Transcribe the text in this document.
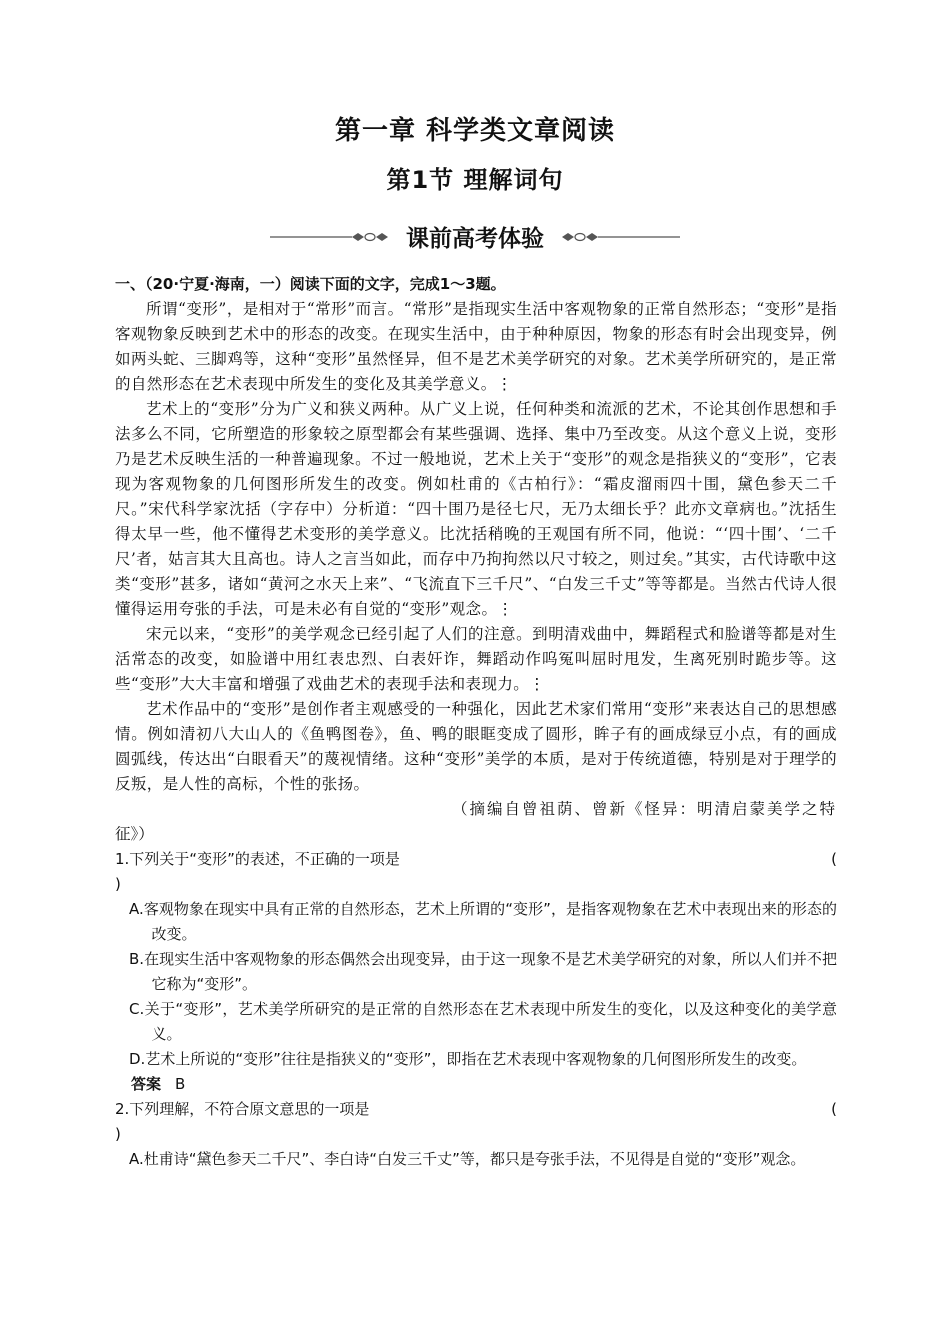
第一章 科学类文章阅读
第1节 理解词句
课前高考体验

一、（20·宁夏·海南，一）阅读下面的文字，完成1～3题。

所谓“变形”，是相对于“常形”而言。“常形”是指现实生活中客观物象的正常自然形态；“变形”是指客观物象反映到艺术中的形态的改变。在现实生活中，由于种种原因，物象的形态有时会出现变异，例如两头蛇、三脚鸡等，这种“变形”虽然怪异，但不是艺术美学研究的对象。艺术美学所研究的，是正常的自然形态在艺术表现中所发生的变化及其美学意义。⋮

艺术上的“变形”分为广义和狭义两种。从广义上说，任何种类和流派的艺术，不论其创作思想和手法多么不同，它所塑造的形象较之原型都会有某些强调、选择、集中乃至改变。从这个意义上说，变形乃是艺术反映生活的一种普遍现象。不过一般地说，艺术上关于“变形”的观念是指狭义的“变形”，它表现为客观物象的几何图形所发生的改变。例如杜甫的《古柏行》：“霜皮溜雨四十围，黛色参天二千尺。”宋代科学家沈括（字存中）分析道：“四十围乃是径七尺，无乃太细长乎？此亦文章病也。”沈括生得太早一些，他不懂得艺术变形的美学意义。比沈括稍晚的王观国有所不同，他说：“‘四十围’、‘二千尺’者，姑言其大且高也。诗人之言当如此，而存中乃拘拘然以尺寸较之，则过矣。”其实，古代诗歌中这类“变形”甚多，诸如“黄河之水天上来”、“飞流直下三千尺”、“白发三千丈”等等都是。当然古代诗人很懂得运用夸张的手法，可是未必有自觉的“变形”观念。⋮

宋元以来，“变形”的美学观念已经引起了人们的注意。到明清戏曲中，舞蹈程式和脸谱等都是对生活常态的改变，如脸谱中用红表忠烈、白表奸诈，舞蹈动作呜冤叫屈时甩发，生离死别时跪步等。这些“变形”大大丰富和增强了戏曲艺术的表现手法和表现力。⋮

艺术作品中的“变形”是创作者主观感受的一种强化，因此艺术家们常用“变形”来表达自己的思想感情。例如清初八大山人的《鱼鸭图卷》，鱼、鸭的眼眶变成了圆形，眸子有的画成绿豆小点，有的画成圆弧线，传达出“白眼看天”的蔑视情绪。这种“变形”美学的本质，是对于传统道德，特别是对于理学的反叛，是人性的高标，个性的张扬。

（摘编自曾祖荫、曾新《怪异：明清启蒙美学之特

征》）

1.下列关于“变形”的表述，不正确的一项是	(
)

A.客观物象在现实中具有正常的自然形态，艺术上所谓的“变形”，是指客观物象在艺术中表现出来的形态的改变。

B.在现实生活中客观物象的形态偶然会出现变异，由于这一现象不是艺术美学研究的对象，所以人们并不把它称为“变形”。

C.关于“变形”，艺术美学所研究的是正常的自然形态在艺术表现中所发生的变化，以及这种变化的美学意义。

D.艺术上所说的“变形”往往是指狭义的“变形”，即指在艺术表现中客观物象的几何图形所发生的改变。

答案 B

2.下列理解，不符合原文意思的一项是	(
)

A.杜甫诗“黛色参天二千尺”、李白诗“白发三千丈”等，都只是夸张手法，不见得是自觉的“变形”观念。
